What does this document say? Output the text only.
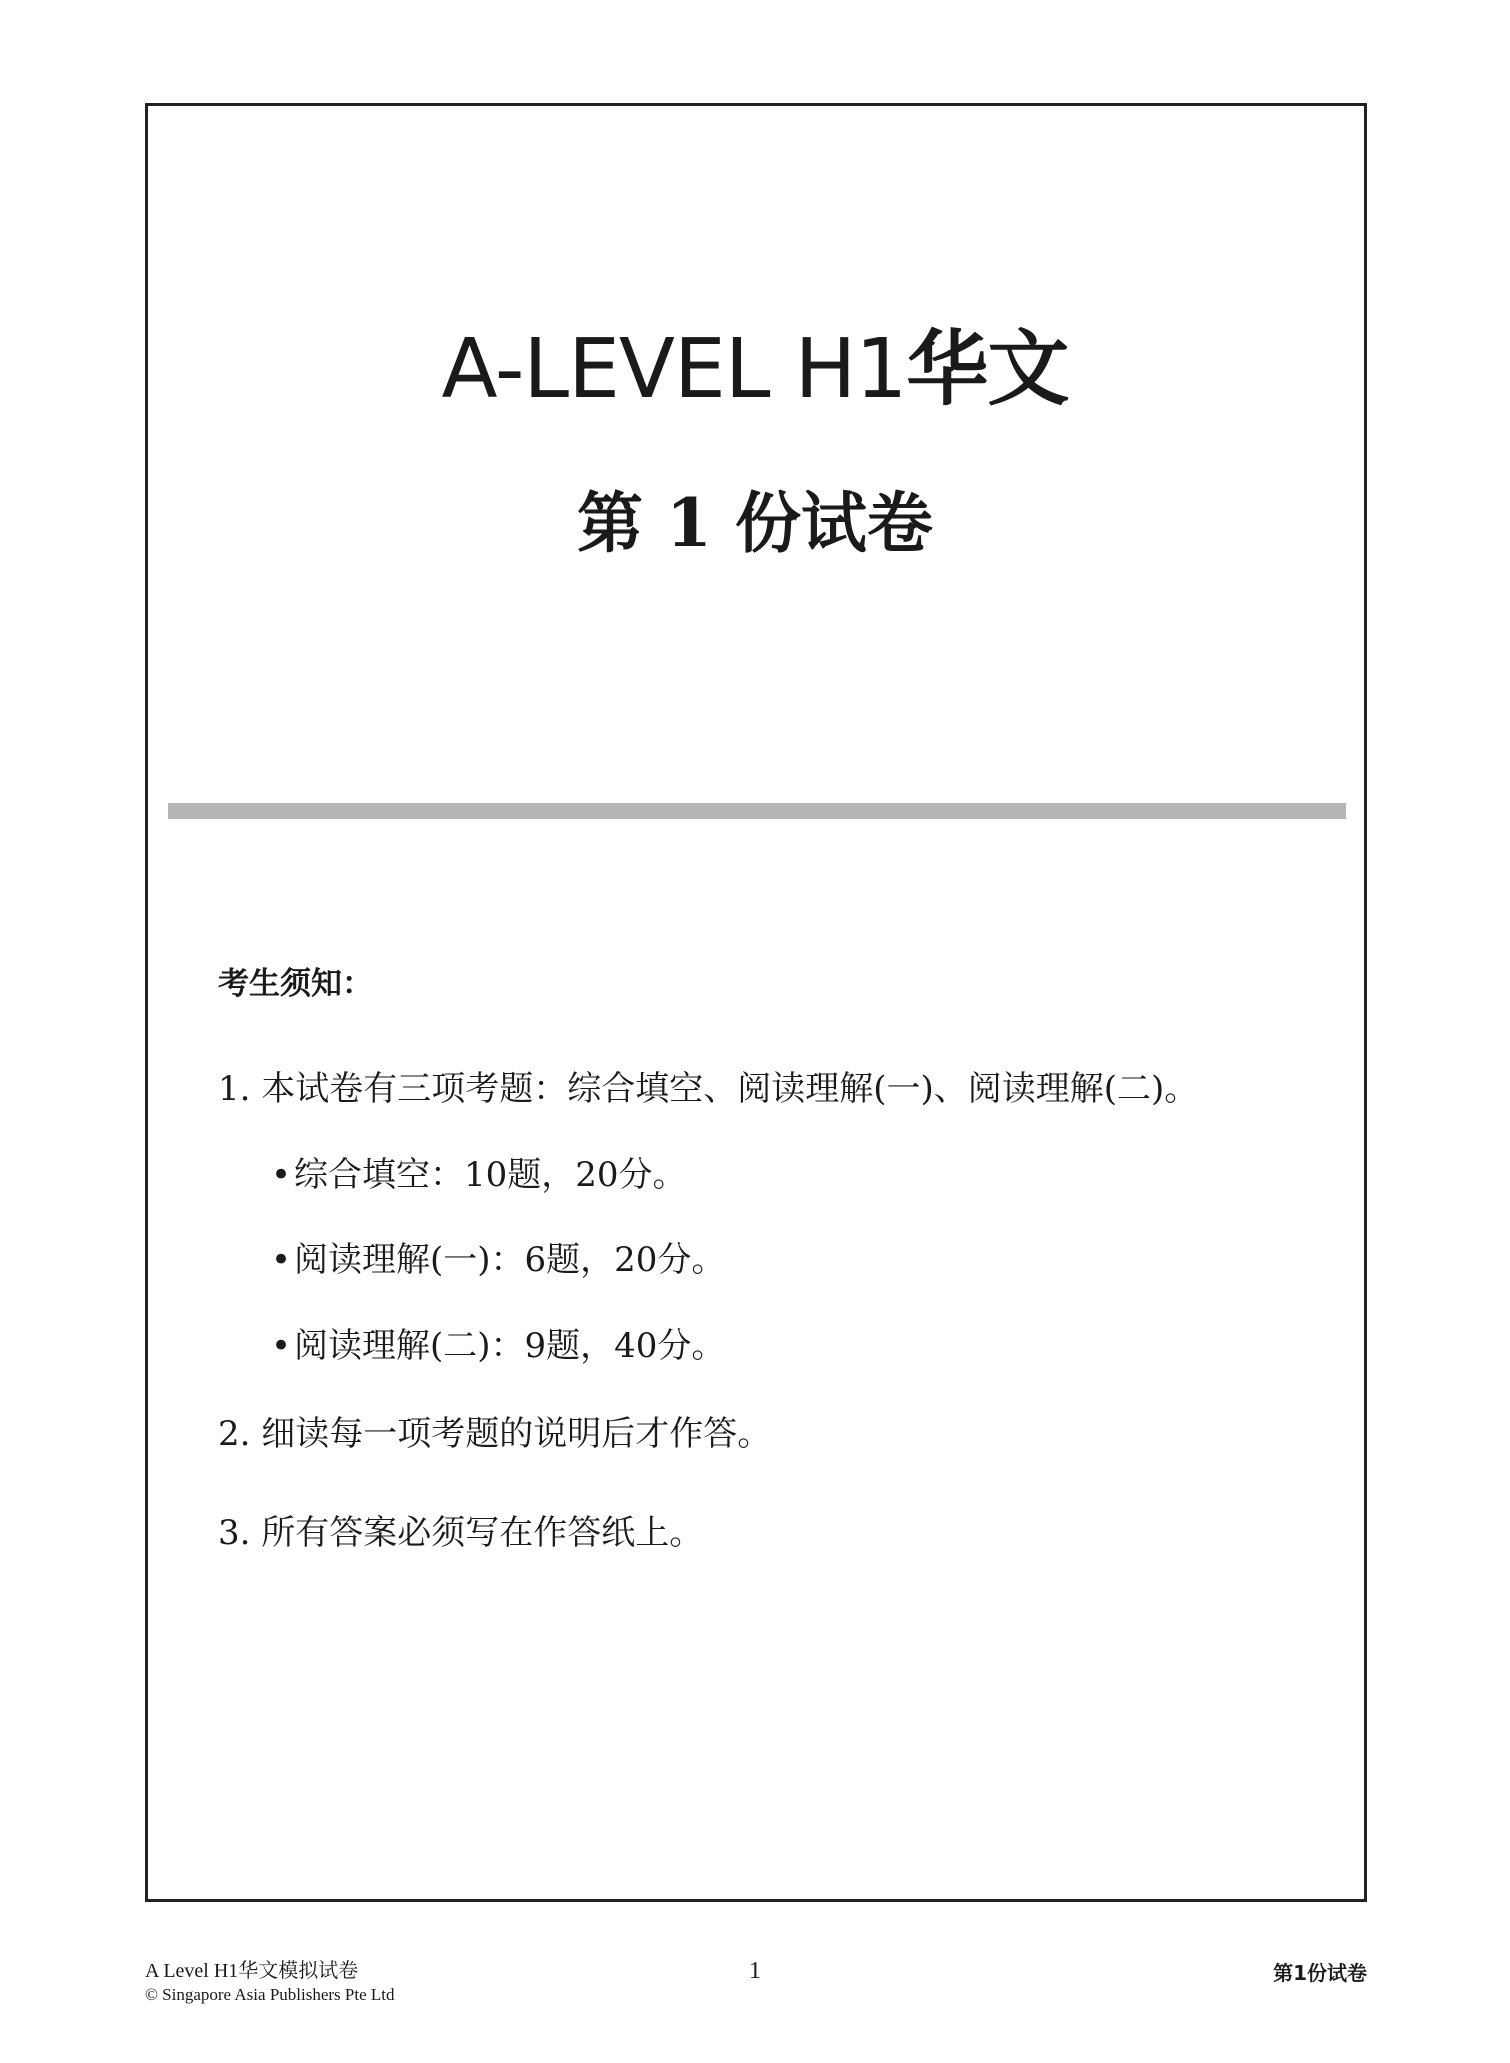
A-LEVEL H1华文
第 1 份试卷
考生须知：
1. 本试卷有三项考题：综合填空、阅读理解(一)、阅读理解(二)。
•综合填空：10题，20分。
•阅读理解(一)：6题，20分。
•阅读理解(二)：9题，40分。
2. 细读每一项考题的说明后才作答。
3. 所有答案必须写在作答纸上。
A Level H1华文模拟试卷
© Singapore Asia Publishers Pte Ltd
1	第1份试卷
